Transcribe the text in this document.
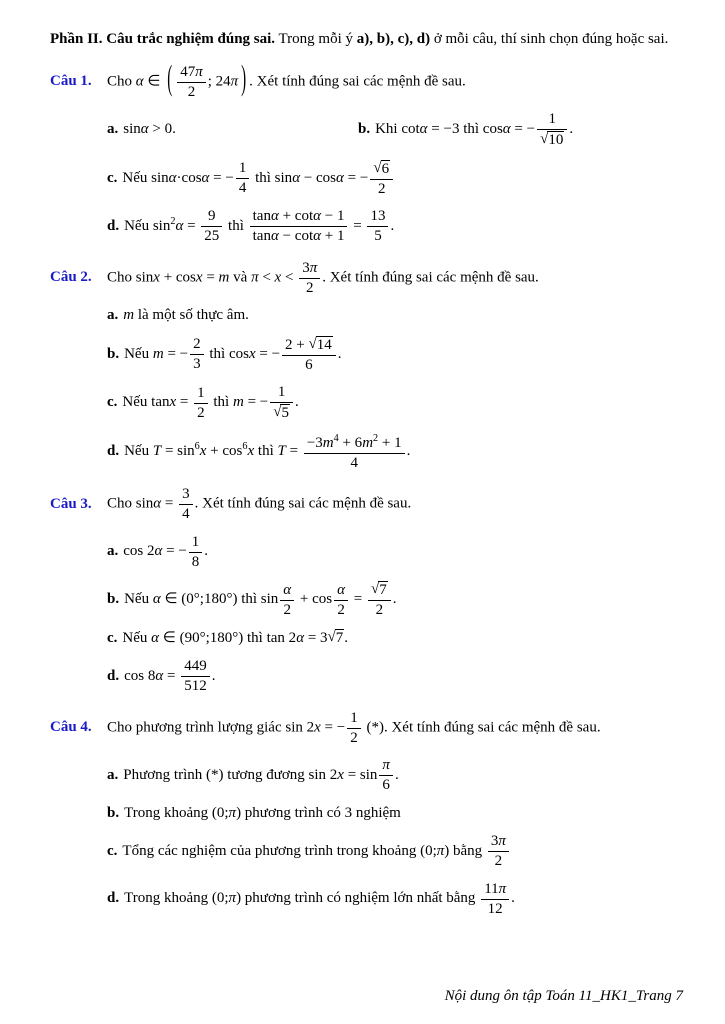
Phần II. Câu trắc nghiệm đúng sai. Trong mỗi ý a), b), c), d) ở mỗi câu, thí sinh chọn đúng hoặc sai.

Câu 1.	Cho α ∈ ( $\frac{47\pi}{2}$ ; 24π ) . Xét tính đúng sai các mệnh đề sau.
a. sinα > 0.	b. Khi cotα = −3 thì cosα = − $\frac{1}{√10}$ .
c. Nếu sinα·cosα = − $\frac{1}{4}$ thì sinα − cosα = − $\frac{√6}{2}$
d. Nếu $\sin^2\alpha = \frac{9}{25}$ thì $\frac{\tan\alpha + \cot\alpha - 1}{\tan\alpha - \cot\alpha + 1} = \frac{13}{5}$ .
Câu 2.	Cho sinx + cosx = m và $\pi < x < \frac{3\pi}{2}$ . Xét tính đúng sai các mệnh đề sau.
a. m là một số thực âm.
b. Nếu m = − $\frac{2}{3}$ thì cosx = − $\frac{2 + √14}{6}$ .
c. Nếu $\tan x = \frac{1}{2}$ thì m = − $\frac{1}{√5}$ .
d. Nếu $T = \sin^6x + \cos^6x$ thì $T = \frac{-3m^4 + 6m^2 + 1}{4}$ .
Câu 3.	Cho $\sin\alpha = \frac{3}{4}$ . Xét tính đúng sai các mệnh đề sau.
a. cos 2α = − $\frac{1}{8}$ .
b. Nếu α ∈ (0°;180°) thì $\sin \frac{\alpha}{2} + \cos \frac{\alpha}{2} = \frac{√7}{2}$ .
c. Nếu α ∈ (90°;180°) thì tan 2α = 3√7.
d. $\cos 8\alpha = \frac{449}{512}$ .
Câu 4.	Cho phương trình lượng giác sin 2x = − $\frac{1}{2}$ (*). Xét tính đúng sai các mệnh đề sau.
a. Phương trình (*) tương đương $\sin 2x = \sin \frac{\pi}{6}$ .
b. Trong khoảng (0;π) phương trình có 3 nghiệm
c. Tổng các nghiệm của phương trình trong khoảng (0;π) bằng $\frac{3\pi}{2}$
d. Trong khoảng (0;π) phương trình có nghiệm lớn nhất bằng $\frac{11\pi}{12}$ .
Nội dung ôn tập Toán 11_HK1_Trang 7
